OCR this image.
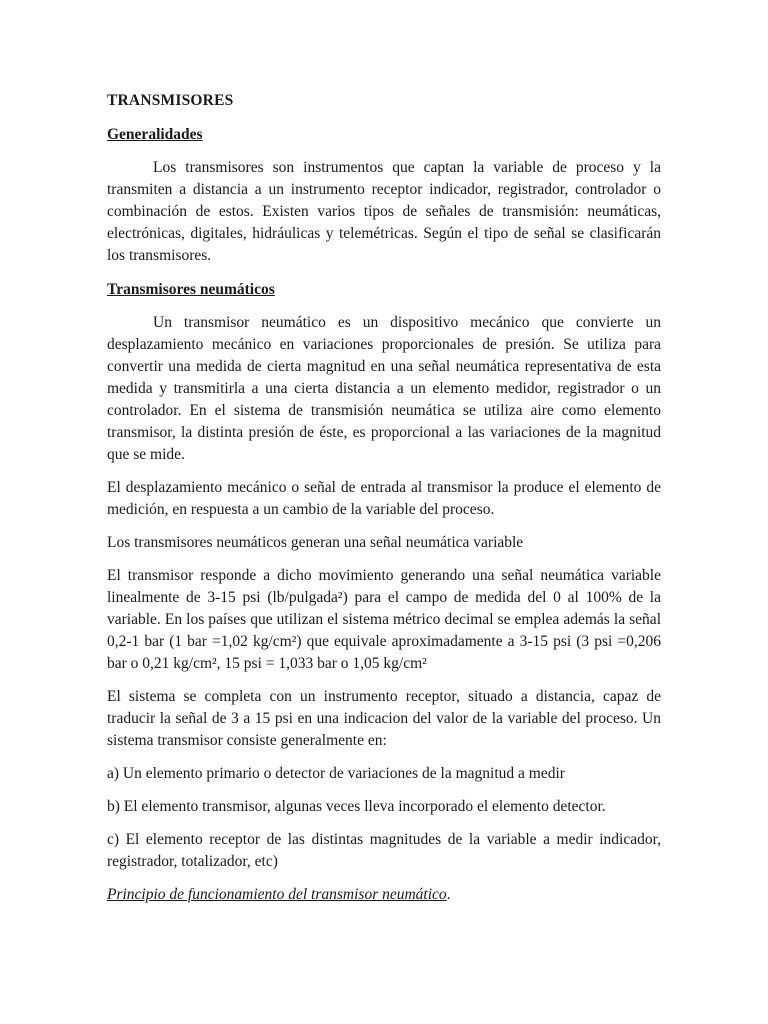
TRANSMISORES
Generalidades

Los transmisores son instrumentos que captan la variable de proceso y la transmiten a distancia a un instrumento receptor indicador, registrador, controlador o combinación de estos. Existen varios tipos de señales de transmisión: neumáticas, electrónicas, digitales, hidráulicas y telemétricas. Según el tipo de señal se clasificarán los transmisores.

Transmisores neumáticos

Un transmisor neumático es un dispositivo mecánico que convierte un desplazamiento mecánico en variaciones proporcionales de presión. Se utiliza para convertir una medida de cierta magnitud en una señal neumática representativa de esta medida y transmitirla a una cierta distancia a un elemento medidor, registrador o un controlador. En el sistema de transmisión neumática se utiliza aire como elemento transmisor, la distinta presión de éste, es proporcional a las variaciones de la magnitud que se mide.

El desplazamiento mecánico o señal de entrada al transmisor la produce el elemento de medición, en respuesta a un cambio de la variable del proceso.

Los transmisores neumáticos generan una señal neumática variable

El transmisor responde a dicho movimiento generando una señal neumática variable linealmente de 3-15 psi (lb/pulgada²) para el campo de medida del 0 al 100% de la variable. En los países que utilizan el sistema métrico decimal se emplea además la señal 0,2-1 bar (1 bar =1,02 kg/cm²) que equivale aproximadamente a 3-15 psi (3 psi =0,206 bar o 0,21 kg/cm², 15 psi = 1,033 bar o 1,05 kg/cm²

El sistema se completa con un instrumento receptor, situado a distancia, capaz de traducir la señal de 3 a 15 psi en una indicacion del valor de la variable del proceso. Un sistema transmisor consiste generalmente en:

a) Un elemento primario o detector de variaciones de la magnitud a medir

b) El elemento transmisor, algunas veces lleva incorporado el elemento detector.

c) El elemento receptor de las distintas magnitudes de la variable a medir indicador, registrador, totalizador, etc)

Principio de funcionamiento del transmisor neumático.
